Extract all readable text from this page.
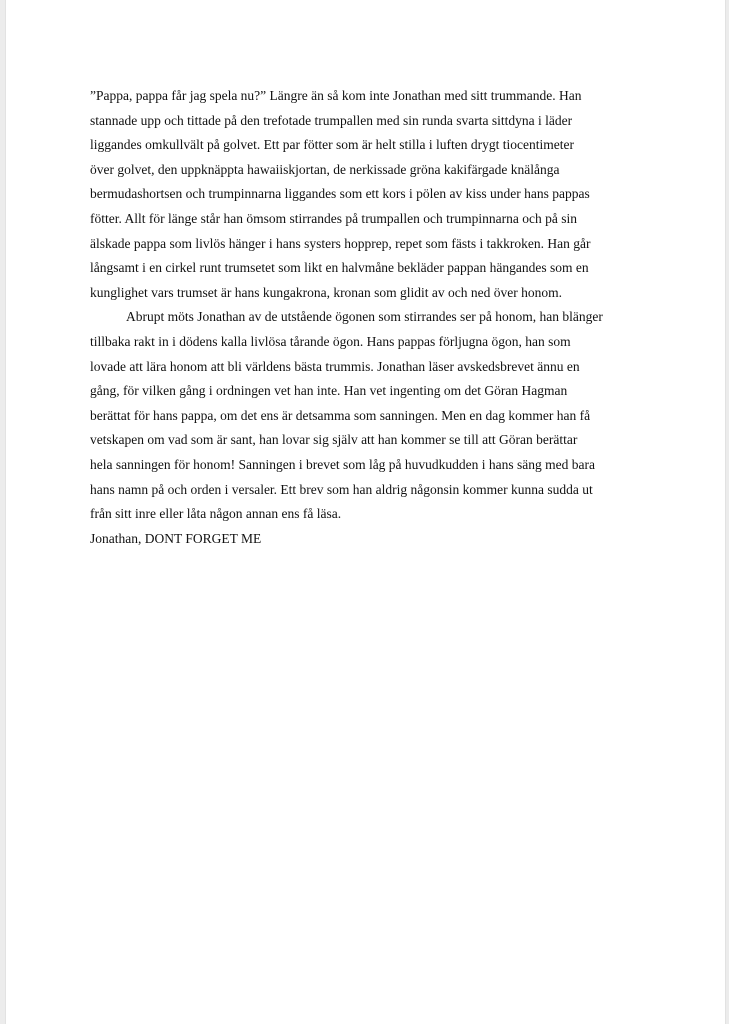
”Pappa, pappa får jag spela nu?” Längre än så kom inte Jonathan med sitt trummande. Han
stannade upp och tittade på den trefotade trumpallen med sin runda svarta sittdyna i läder
liggandes omkullvält på golvet. Ett par fötter som är helt stilla i luften drygt tiocentimeter
över golvet, den uppknäppta hawaiiskjortan, de nerkissade gröna kakifärgade knälånga
bermudashortsen och trumpinnarna liggandes som ett kors i pölen av kiss under hans pappas
fötter. Allt för länge står han ömsom stirrandes på trumpallen och trumpinnarna och på sin
älskade pappa som livlös hänger i hans systers hopprep, repet som fästs i takkroken. Han går
långsamt i en cirkel runt trumsetet som likt en halvmåne bekläder pappan hängandes som en
kunglighet vars trumset är hans kungakrona, kronan som glidit av och ned över honom.

Abrupt möts Jonathan av de utstående ögonen som stirrandes ser på honom, han blänger
tillbaka rakt in i dödens kalla livlösa tårande ögon. Hans pappas förljugna ögon, han som
lovade att lära honom att bli världens bästa trummis. Jonathan läser avskedsbrevet ännu en
gång, för vilken gång i ordningen vet han inte. Han vet ingenting om det Göran Hagman
berättat för hans pappa, om det ens är detsamma som sanningen. Men en dag kommer han få
vetskapen om vad som är sant, han lovar sig själv att han kommer se till att Göran berättar
hela sanningen för honom! Sanningen i brevet som låg på huvudkudden i hans säng med bara
hans namn på och orden i versaler. Ett brev som han aldrig någonsin kommer kunna sudda ut
från sitt inre eller låta någon annan ens få läsa.

Jonathan, DONT FORGET ME
